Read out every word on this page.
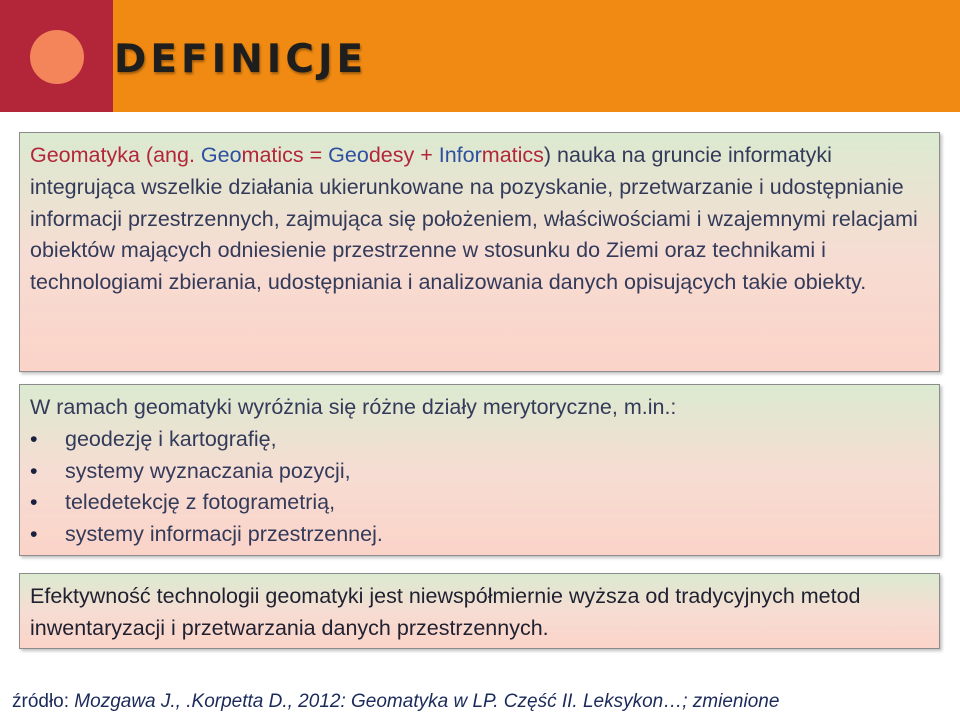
DEFINICJE
Geomatyka (ang. Geomatics = Geodesy + Informatics) nauka na gruncie informatyki integrująca wszelkie działania ukierunkowane na pozyskanie, przetwarzanie i udostępnianie informacji przestrzennych, zajmująca się położeniem, właściwościami i wzajemnymi relacjami obiektów mających odniesienie przestrzenne w stosunku do Ziemi oraz technikami i technologiami zbierania, udostępniania i analizowania danych opisujących takie obiekty.
W ramach geomatyki wyróżnia się różne działy merytoryczne, m.in.:
• geodezję i kartografię,
• systemy wyznaczania pozycji,
• teledetekcję z fotogrametrią,
• systemy informacji przestrzennej.
Efektywność technologii geomatyki jest niewspółmiernie wyższa od tradycyjnych metod inwentaryzacji i przetwarzania danych przestrzennych.

źródło: Mozgawa J., .Korpetta D., 2012: Geomatyka w LP. Część II. Leksykon…; zmienione
